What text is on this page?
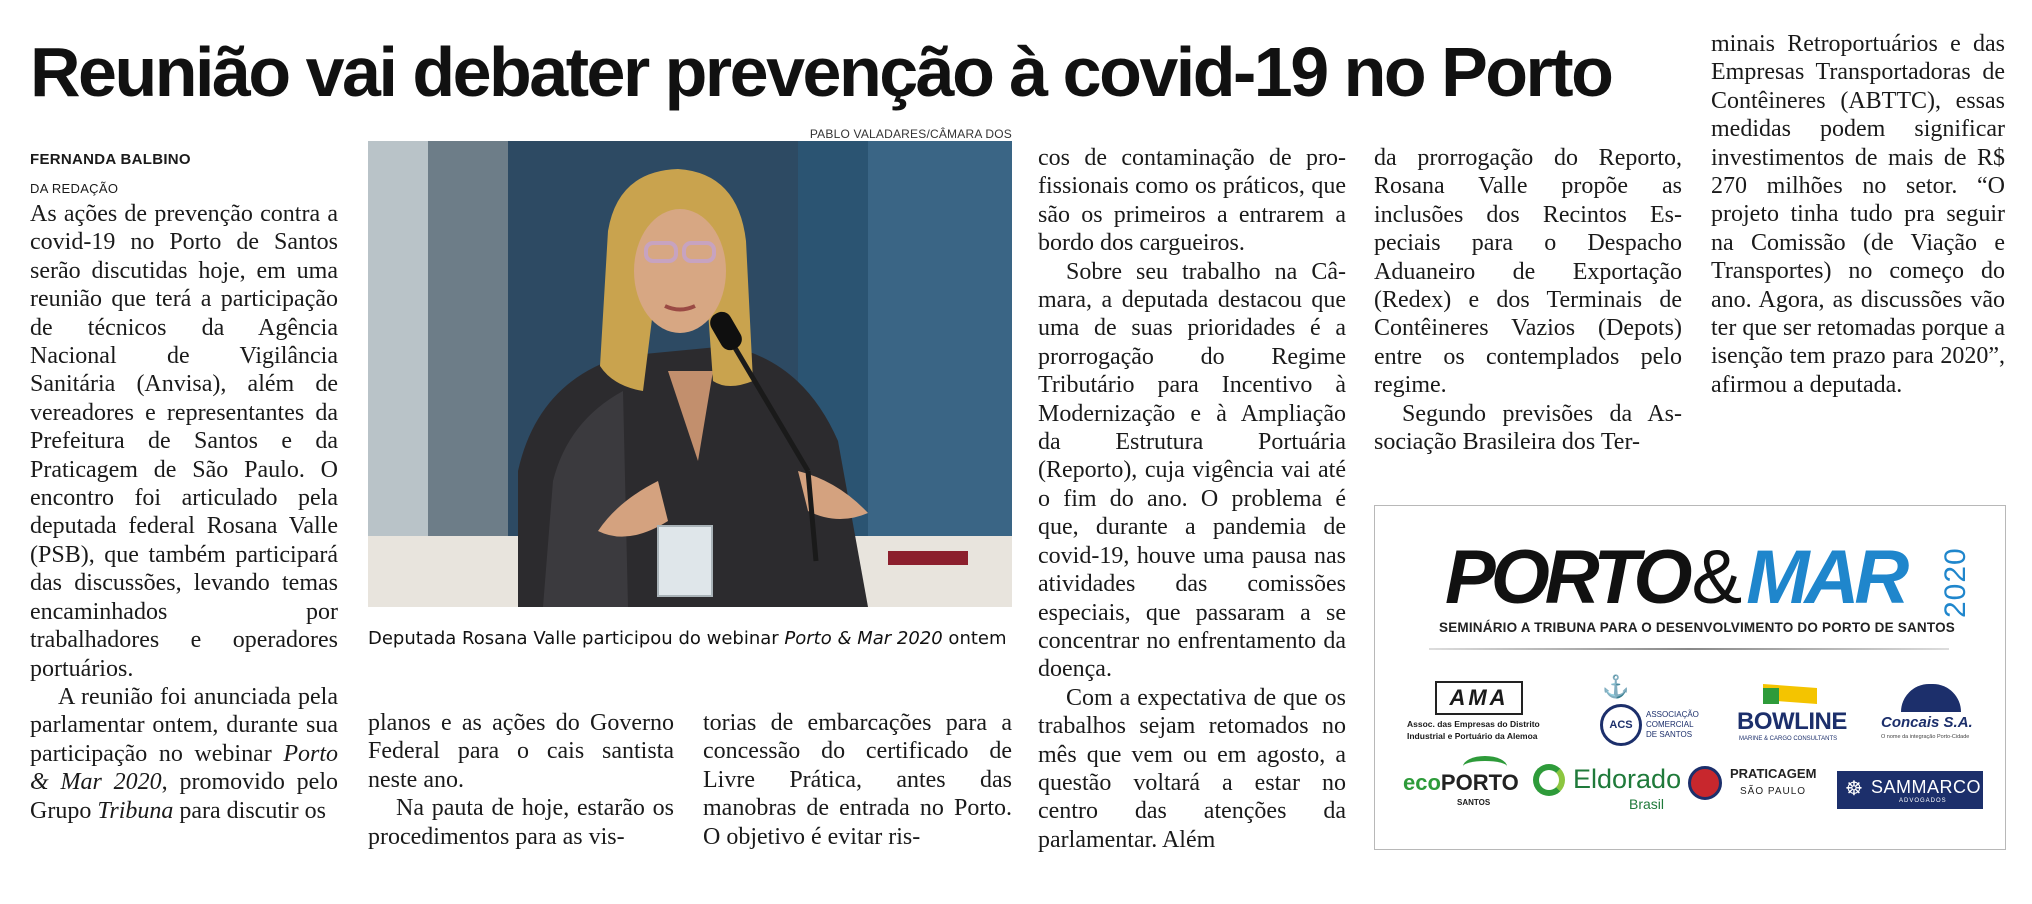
Reunião vai debater prevenção à covid-19 no Porto
FERNANDA BALBINO
DA REDAÇÃO

As ações de prevenção contra a covid-19 no Porto de Santos serão discutidas hoje, em uma reunião que terá a participação de técnicos da Agência Nacional de Vigilância Sanitária (Anvisa), além de vereadores e representantes da Prefeitura de Santos e da Praticagem de São Paulo. O encontro foi articulado pela deputada federal Rosana Valle (PSB), que também participará das discussões, levando temas encaminhados por trabalhadores e operadores portuários.

A reunião foi anunciada pela parlamentar ontem, durante sua participação no webinar Porto & Mar 2020, promovido pelo Grupo Tribuna para discutir os

planos e as ações do Governo Federal para o cais santista neste ano.

Na pauta de hoje, estarão os procedimentos para as vis-

torias de embarcações para a concessão do certificado de Livre Prática, antes das manobras de entrada no Porto. O objetivo é evitar ris-

cos de contaminação de profissionais como os práticos, que são os primeiros a entrarem a bordo dos cargueiros.

Sobre seu trabalho na Câmara, a deputada destacou que uma de suas prioridades é a prorrogação do Regime Tributário para Incentivo à Modernização e à Ampliação da Estrutura Portuária (Reporto), cuja vigência vai até o fim do ano. O problema é que, durante a pandemia de covid-19, houve uma pausa nas atividades das comissões especiais, que passaram a se concentrar no enfrentamento da doença.

Com a expectativa de que os trabalhos sejam retomados no mês que vem ou em agosto, a questão voltará a estar no centro das atenções da parlamentar. Além

da prorrogação do Reporto, Rosana Valle propõe as inclusões dos Recintos Especiais para o Despacho Aduaneiro de Exportação (Redex) e dos Terminais de Contêineres Vazios (Depots) entre os contemplados pelo regime.

Segundo previsões da Associação Brasileira dos Ter-

minais Retroportuários e das Empresas Transportadoras de Contêineres (ABTTC), essas medidas podem significar investimentos de mais de R$ 270 milhões no setor. “O projeto tinha tudo pra seguir na Comissão (de Viação e Transportes) no começo do ano. Agora, as discussões vão ter que ser retomadas porque a isenção tem prazo para 2020”, afirmou a deputada.

PABLO VALADARES/CÂMARA DOS
Deputada Rosana Valle participou do webinar Porto & Mar 2020 ontem
PORTO&MAR 2020
SEMINÁRIO A TRIBUNA PARA O DESENVOLVIMENTO DO PORTO DE SANTOS
AMA
Assoc. das Empresas do Distrito
Industrial e Portuário da Alemoa
⚓
ACS
ASSOCIAÇÃO
COMERCIAL
DE SANTOS BOWLINE
MARINE & CARGO CONSULTANTS
Concais S.A.
O nome da integração Porto-Cidade
ecoPORTO
SANTOS
Eldorado
Brasil
PRATICAGEM
SÃO PAULO ☸ SAMMARCO
ADVOGADOS
